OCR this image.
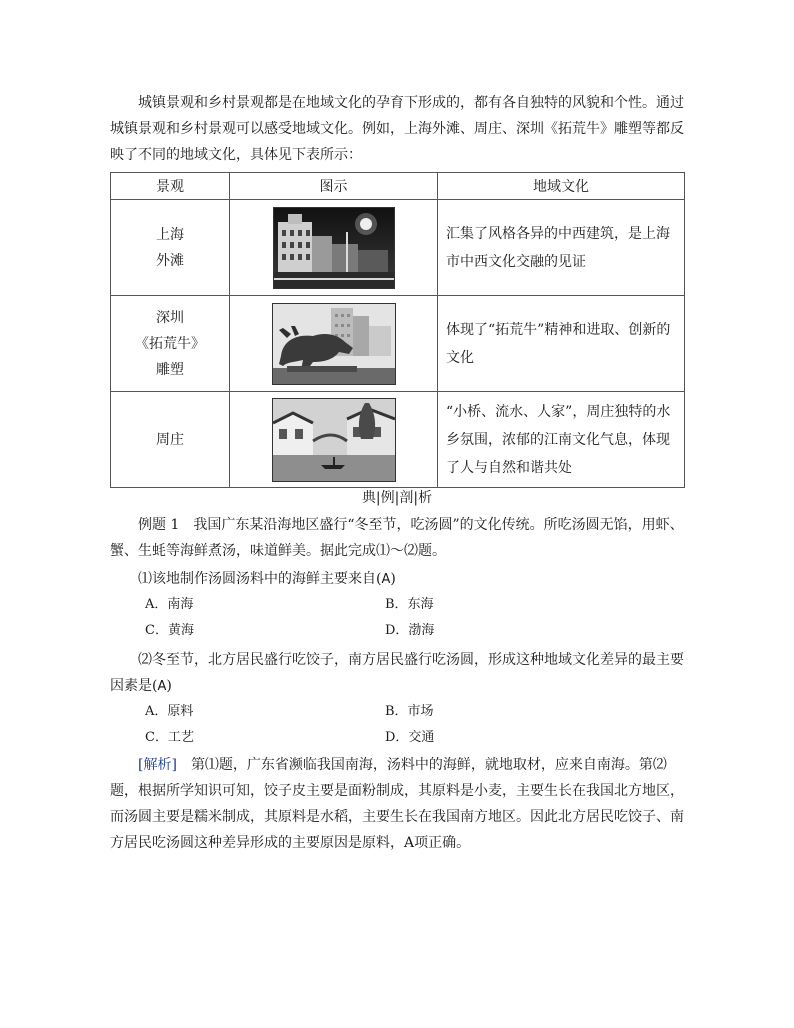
城镇景观和乡村景观都是在地域文化的孕育下形成的，都有各自独特的风貌和个性。通过城镇景观和乡村景观可以感受地域文化。例如，上海外滩、周庄、深圳《拓荒牛》雕塑等都反映了不同的地域文化，具体见下表所示：

景观	图示	地域文化

上海
外滩		汇集了风格各异的中西建筑，是上海市中西文化交融的见证

深圳
《拓荒牛》
雕塑		体现了“拓荒牛”精神和进取、创新的文化

周庄		“小桥、流水、人家”，周庄独特的水乡氛围，浓郁的江南文化气息，体现了人与自然和谐共处
典|例|剖|析

例题 1　 我国广东某沿海地区盛行“冬至节，吃汤圆”的文化传统。所吃汤圆无馅，用虾、蟹、生蚝等海鲜煮汤，味道鲜美。据此完成⑴～⑵题。

⑴该地制作汤圆汤料中的海鲜主要来自(A)

A．南海	B．东海
C．黄海	D．渤海

⑵冬至节，北方居民盛行吃饺子，南方居民盛行吃汤圆，形成这种地域文化差异的最主要因素是(A)

A．原料	B．市场
C．工艺	D．交通

[解析]　 第⑴题，广东省濒临我国南海，汤料中的海鲜，就地取材，应来自南海。第⑵题，根据所学知识可知，饺子皮主要是面粉制成，其原料是小麦，主要生长在我国北方地区，而汤圆主要是糯米制成，其原料是水稻，主要生长在我国南方地区。因此北方居民吃饺子、南方居民吃汤圆这种差异形成的主要原因是原料，A项正确。
